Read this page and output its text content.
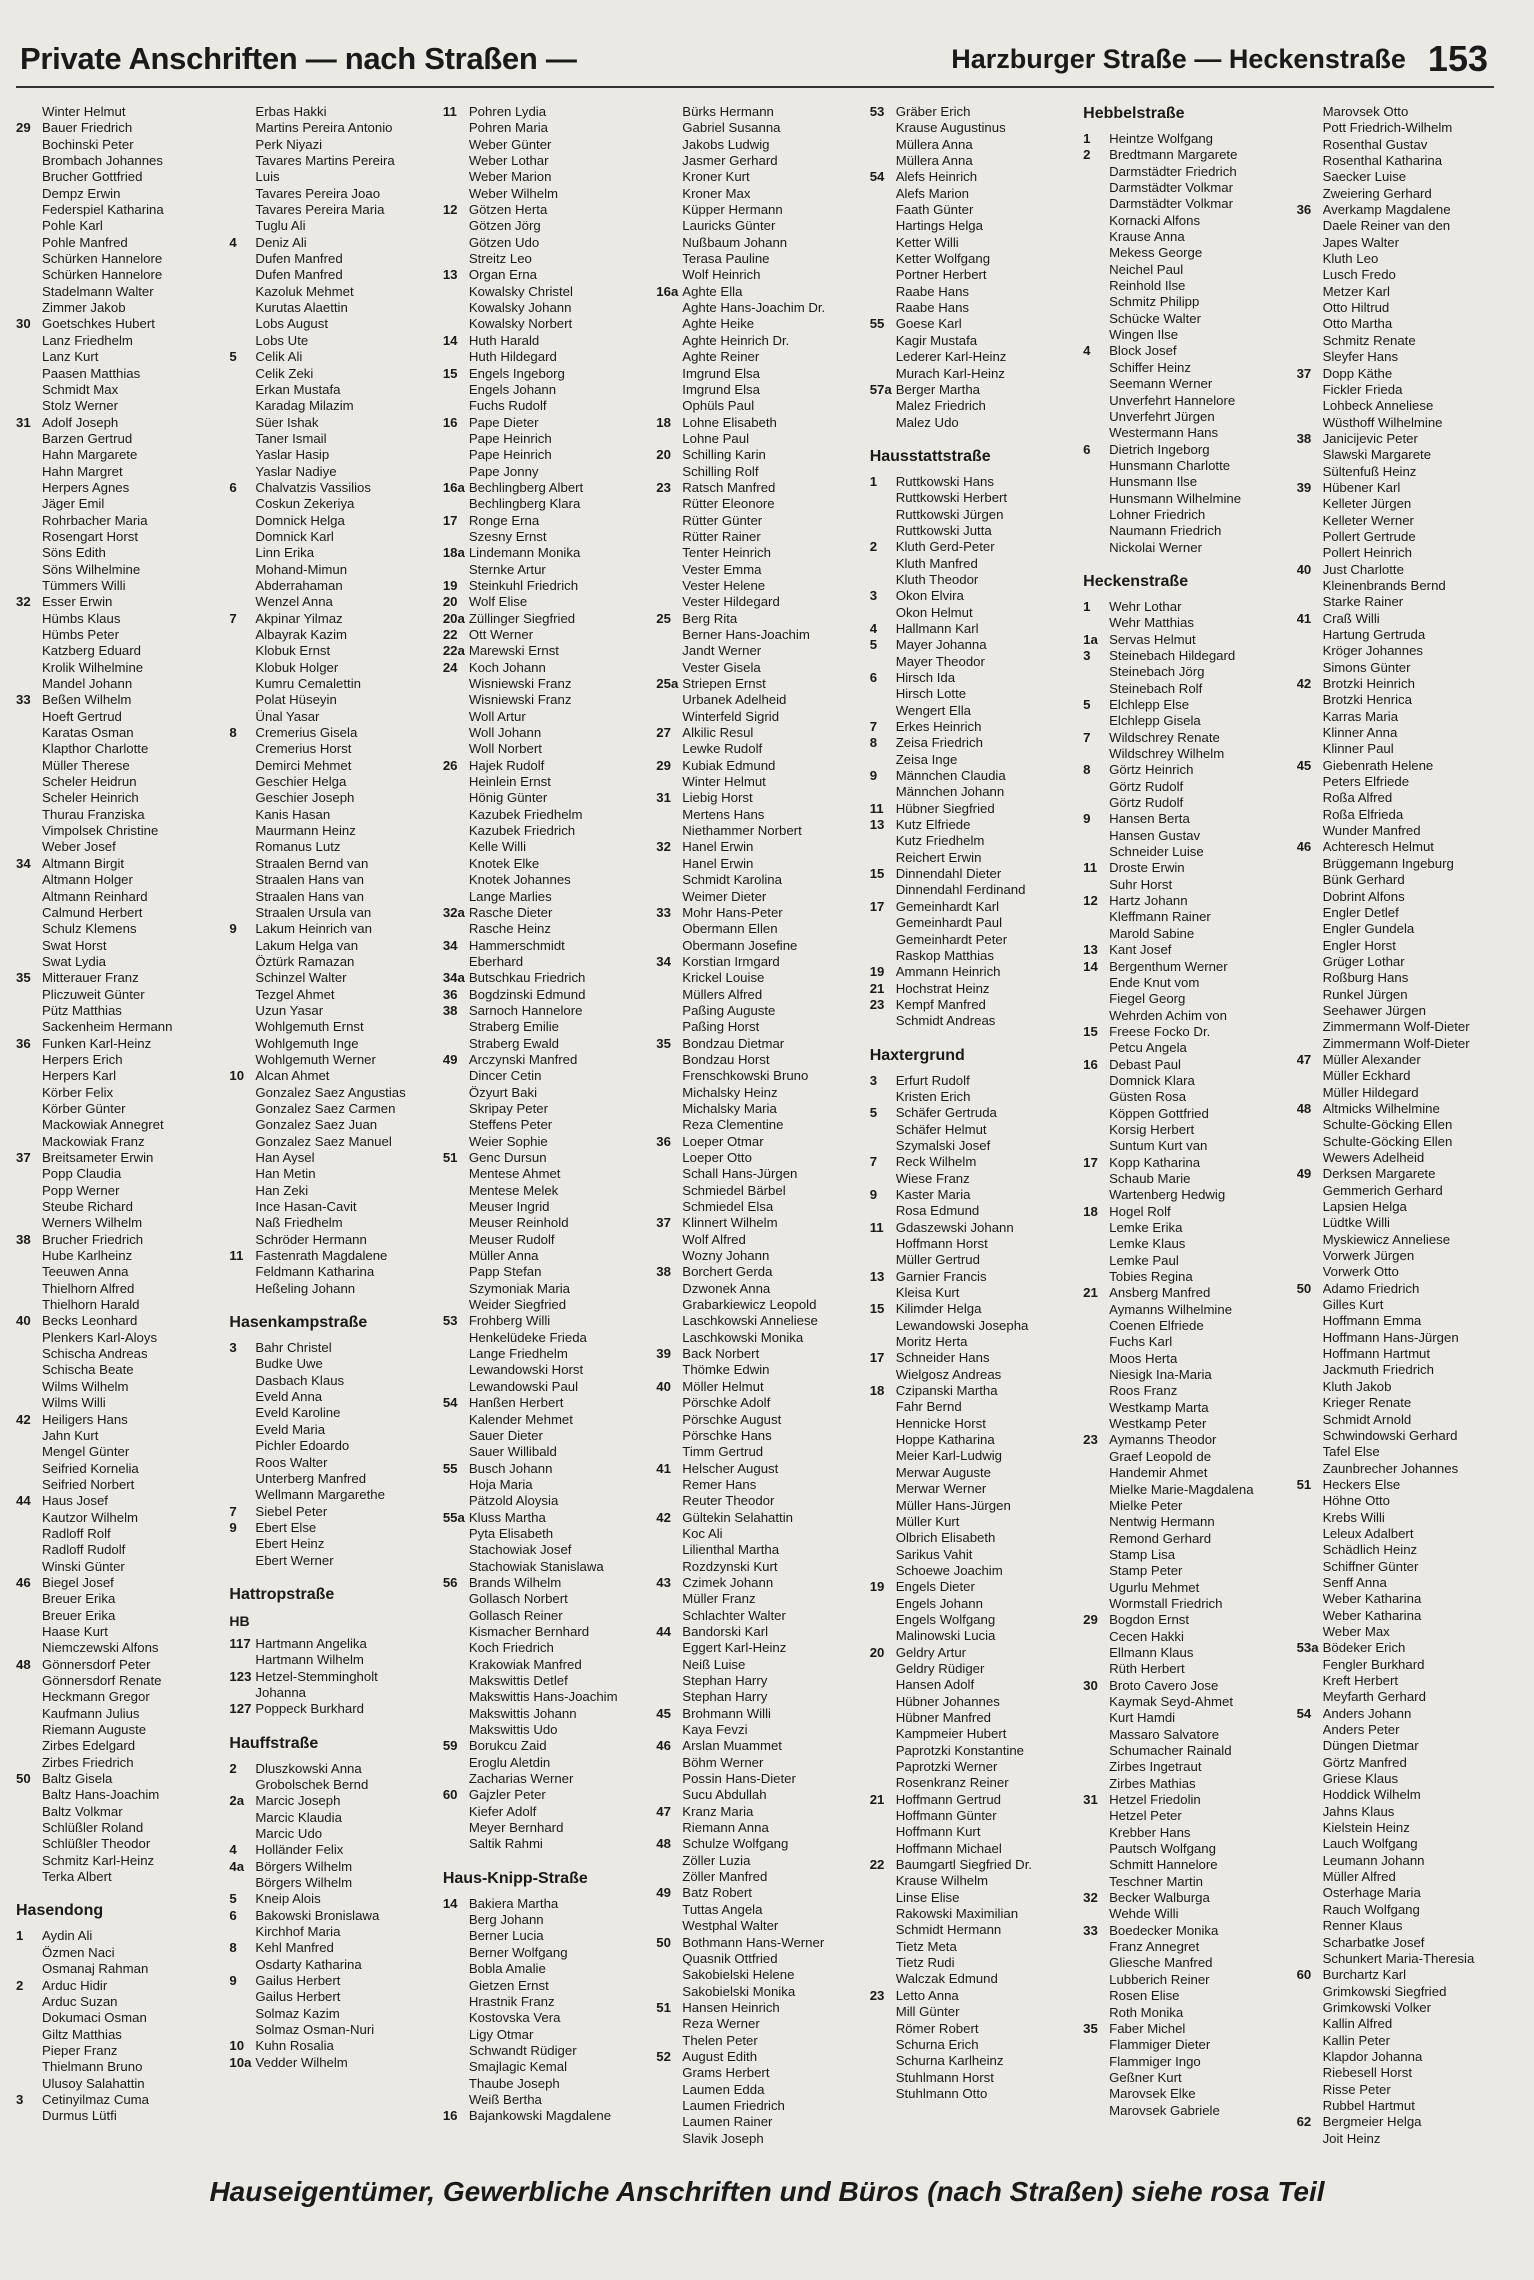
Private Anschriften — nach Straßen —	Harzburger Straße — Heckenstraße 153
Winter Helmut
29 Bauer Friedrich
Bochinski Peter
Brombach Johannes
Brucher Gottfried
Dempz Erwin
Federspiel Katharina
Pohle Karl
Pohle Manfred
Schürken Hannelore
Schürken Hannelore
Stadelmann Walter
Zimmer Jakob
30 Goetschkes Hubert
Lanz Friedhelm
Lanz Kurt
Paasen Matthias
Schmidt Max
Stolz Werner
31 Adolf Joseph
Barzen Gertrud
Hahn Margarete
Hahn Margret
Herpers Agnes
Jäger Emil
Rohrbacher Maria
Rosengart Horst
Söns Edith
Söns Wilhelmine
Tümmers Willi
32 Esser Erwin
Hümbs Klaus
Hümbs Peter
Katzberg Eduard
Krolik Wilhelmine
Mandel Johann
33 Beßen Wilhelm
Hoeft Gertrud
Karatas Osman
Klapthor Charlotte
Müller Therese
Scheler Heidrun
Scheler Heinrich
Thurau Franziska
Vimpolsek Christine
Weber Josef
34 Altmann Birgit
Altmann Holger
Altmann Reinhard
Calmund Herbert
Schulz Klemens
Swat Horst
Swat Lydia
35 Mitterauer Franz
Pliczuweit Günter
Pütz Matthias
Sackenheim Hermann
36 Funken Karl-Heinz
Herpers Erich
Herpers Karl
Körber Felix
Körber Günter
Mackowiak Annegret
Mackowiak Franz
37 Breitsameter Erwin
Popp Claudia
Popp Werner
Steube Richard
Werners Wilhelm
38 Brucher Friedrich
Hube Karlheinz
Teeuwen Anna
Thielhorn Alfred
Thielhorn Harald
40 Becks Leonhard
Plenkers Karl-Aloys
Schischa Andreas
Schischa Beate
Wilms Wilhelm
Wilms Willi
42 Heiligers Hans
Jahn Kurt
Mengel Günter
Seifried Kornelia
Seifried Norbert
44 Haus Josef
Kautzor Wilhelm
Radloff Rolf
Radloff Rudolf
Winski Günter
46 Biegel Josef
Breuer Erika
Breuer Erika
Haase Kurt
Niemczewski Alfons
48 Gönnersdorf Peter
Gönnersdorf Renate
Heckmann Gregor
Kaufmann Julius
Riemann Auguste
Zirbes Edelgard
Zirbes Friedrich
50 Baltz Gisela
Baltz Hans-Joachim
Baltz Volkmar
Schlüßler Roland
Schlüßler Theodor
Schmitz Karl-Heinz
Terka Albert
Hasendong
1	Aydin Ali
Özmen Naci
Osmanaj Rahman
2	Arduc Hidir
Arduc Suzan
Dokumaci Osman
Giltz Matthias
Pieper Franz
Thielmann Bruno
Ulusoy Salahattin
3	Cetinyilmaz Cuma
Durmus Lütfi
Erbas Hakki
Martins Pereira Antonio
Perk Niyazi
Tavares Martins Pereira
Luis
Tavares Pereira Joao
Tavares Pereira Maria
Tuglu Ali
4	Deniz Ali
Dufen Manfred
Dufen Manfred
Kazoluk Mehmet
Kurutas Alaettin
Lobs August
Lobs Ute
5	Celik Ali
Celik Zeki
Erkan Mustafa
Karadag Milazim
Süer Ishak
Taner Ismail
Yaslar Hasip
Yaslar Nadiye
6	Chalvatzis Vassilios
Coskun Zekeriya
Domnick Helga
Domnick Karl
Linn Erika
Mohand-Mimun
Abderrahaman
Wenzel Anna
7	Akpinar Yilmaz
Albayrak Kazim
Klobuk Ernst
Klobuk Holger
Kumru Cemalettin
Polat Hüseyin
Ünal Yasar
8	Cremerius Gisela
Cremerius Horst
Demirci Mehmet
Geschier Helga
Geschier Joseph
Kanis Hasan
Maurmann Heinz
Romanus Lutz
Straalen Bernd van
Straalen Hans van
Straalen Hans van
Straalen Ursula van
9	Lakum Heinrich van
Lakum Helga van
Öztürk Ramazan
Schinzel Walter
Tezgel Ahmet
Uzun Yasar
Wohlgemuth Ernst
Wohlgemuth Inge
Wohlgemuth Werner
10 Alcan Ahmet
Gonzalez Saez Angustias
Gonzalez Saez Carmen
Gonzalez Saez Juan
Gonzalez Saez Manuel
Han Aysel
Han Metin
Han Zeki
Ince Hasan-Cavit
Naß Friedhelm
Schröder Hermann
11 Fastenrath Magdalene
Feldmann Katharina
Heßeling Johann
Hasenkampstraße
3	Bahr Christel
Budke Uwe
Dasbach Klaus
Eveld Anna
Eveld Karoline
Eveld Maria
Pichler Edoardo
Roos Walter
Unterberg Manfred
Wellmann Margarethe
7	Siebel Peter
9	Ebert Else
Ebert Heinz
Ebert Werner
Hattropstraße
HB
117 Hartmann Angelika
Hartmann Wilhelm
123 Hetzel-Stemmingholt
Johanna
127 Poppeck Burkhard
Hauffstraße
2	Dluszkowski Anna
Grobolschek Bernd
2a Marcic Joseph
Marcic Klaudia
Marcic Udo
4	Holländer Felix
4a Börgers Wilhelm
Börgers Wilhelm
5	Kneip Alois
6	Bakowski Bronislawa
Kirchhof Maria
8	Kehl Manfred
Osdarty Katharina
9	Gailus Herbert
Gailus Herbert
Solmaz Kazim
Solmaz Osman-Nuri
10 Kuhn Rosalia
10a Vedder Wilhelm
11 Pohren Lydia
Pohren Maria
Weber Günter
Weber Lothar
Weber Marion
Weber Wilhelm
12 Götzen Herta
Götzen Jörg
Götzen Udo
Streitz Leo
13 Organ Erna
Kowalsky Christel
Kowalsky Johann
Kowalsky Norbert
14 Huth Harald
Huth Hildegard
15 Engels Ingeborg
Engels Johann
Fuchs Rudolf
16 Pape Dieter
Pape Heinrich
Pape Heinrich
Pape Jonny
16a Bechlingberg Albert
Bechlingberg Klara
17 Ronge Erna
Szesny Ernst
18a Lindemann Monika
Sternke Artur
19 Steinkuhl Friedrich
20 Wolf Elise
20a Züllinger Siegfried
22 Ott Werner
22a Marewski Ernst
24 Koch Johann
Wisniewski Franz
Wisniewski Franz
Woll Artur
Woll Johann
Woll Norbert
26 Hajek Rudolf
Heinlein Ernst
Hönig Günter
Kazubek Friedhelm
Kazubek Friedrich
Kelle Willi
Knotek Elke
Knotek Johannes
Lange Marlies
32a Rasche Dieter
Rasche Heinz
34 Hammerschmidt
Eberhard
34a Butschkau Friedrich
36 Bogdzinski Edmund
38 Sarnoch Hannelore
Straberg Emilie
Straberg Ewald
49 Arczynski Manfred
Dincer Cetin
Özyurt Baki
Skripay Peter
Steffens Peter
Weier Sophie
51 Genc Dursun
Mentese Ahmet
Mentese Melek
Meuser Ingrid
Meuser Reinhold
Meuser Rudolf
Müller Anna
Papp Stefan
Szymoniak Maria
Weider Siegfried
53 Frohberg Willi
Henkelüdeke Frieda
Lange Friedhelm
Lewandowski Horst
Lewandowski Paul
54 Hanßen Herbert
Kalender Mehmet
Sauer Dieter
Sauer Willibald
55 Busch Johann
Hoja Maria
Pätzold Aloysia
55a Kluss Martha
Pyta Elisabeth
Stachowiak Josef
Stachowiak Stanislawa
56 Brands Wilhelm
Gollasch Norbert
Gollasch Reiner
Kismacher Bernhard
Koch Friedrich
Krakowiak Manfred
Makswittis Detlef
Makswittis Hans-Joachim
Makswittis Johann
Makswittis Udo
59 Borukcu Zaid
Eroglu Aletdin
Zacharias Werner
60 Gajzler Peter
Kiefer Adolf
Meyer Bernhard
Saltik Rahmi
Haus-Knipp-Straße
14 Bakiera Martha
Berg Johann
Berner Lucia
Berner Wolfgang
Bobla Amalie
Gietzen Ernst
Hrastnik Franz
Kostovska Vera
Ligy Otmar
Schwandt Rüdiger
Smajlagic Kemal
Thaube Joseph
Weiß Bertha
16 Bajankowski Magdalene
Bürks Hermann
Gabriel Susanna
Jakobs Ludwig
Jasmer Gerhard
Kroner Kurt
Kroner Max
Küpper Hermann
Lauricks Günter
Nußbaum Johann
Terasa Pauline
Wolf Heinrich
16a Aghte Ella
Aghte Hans-Joachim Dr.
Aghte Heike
Aghte Heinrich Dr.
Aghte Reiner
Imgrund Elsa
Imgrund Elsa
Ophüls Paul
18 Lohne Elisabeth
Lohne Paul
20 Schilling Karin
Schilling Rolf
23 Ratsch Manfred
Rütter Eleonore
Rütter Günter
Rütter Rainer
Tenter Heinrich
Vester Emma
Vester Helene
Vester Hildegard
25 Berg Rita
Berner Hans-Joachim
Jandt Werner
Vester Gisela
25a Striepen Ernst
Urbanek Adelheid
Winterfeld Sigrid
27 Alkilic Resul
Lewke Rudolf
29 Kubiak Edmund
Winter Helmut
31 Liebig Horst
Mertens Hans
Niethammer Norbert
32 Hanel Erwin
Hanel Erwin
Schmidt Karolina
Weimer Dieter
33 Mohr Hans-Peter
Obermann Ellen
Obermann Josefine
34 Korstian Irmgard
Krickel Louise
Müllers Alfred
Paßing Auguste
Paßing Horst
35 Bondzau Dietmar
Bondzau Horst
Frenschkowski Bruno
Michalsky Heinz
Michalsky Maria
Reza Clementine
36 Loeper Otmar
Loeper Otto
Schall Hans-Jürgen
Schmiedel Bärbel
Schmiedel Elsa
37 Klinnert Wilhelm
Wolf Alfred
Wozny Johann
38 Borchert Gerda
Dzwonek Anna
Grabarkiewicz Leopold
Laschkowski Anneliese
Laschkowski Monika
39 Back Norbert
Thömke Edwin
40 Möller Helmut
Pörschke Adolf
Pörschke August
Pörschke Hans
Timm Gertrud
41 Helscher August
Remer Hans
Reuter Theodor
42 Gültekin Selahattin
Koc Ali
Lilienthal Martha
Rozdzynski Kurt
43 Czimek Johann
Müller Franz
Schlachter Walter
44 Bandorski Karl
Eggert Karl-Heinz
Neiß Luise
Stephan Harry
Stephan Harry
45 Brohmann Willi
Kaya Fevzi
46 Arslan Muammet
Böhm Werner
Possin Hans-Dieter
Sucu Abdullah
47 Kranz Maria
Riemann Anna
48 Schulze Wolfgang
Zöller Luzia
Zöller Manfred
49 Batz Robert
Tuttas Angela
Westphal Walter
50 Bothmann Hans-Werner
Quasnik Ottfried
Sakobielski Helene
Sakobielski Monika
51 Hansen Heinrich
Reza Werner
Thelen Peter
52 August Edith
Grams Herbert
Laumen Edda
Laumen Friedrich
Laumen Rainer
Slavik Joseph
53 Gräber Erich
Krause Augustinus
Müllera Anna
Müllera Anna
54 Alefs Heinrich
Alefs Marion
Faath Günter
Hartings Helga
Ketter Willi
Ketter Wolfgang
Portner Herbert
Raabe Hans
Raabe Hans
55 Goese Karl
Kagir Mustafa
Lederer Karl-Heinz
Murach Karl-Heinz
57a Berger Martha
Malez Friedrich
Malez Udo
Hausstattstraße
1	Ruttkowski Hans
Ruttkowski Herbert
Ruttkowski Jürgen
Ruttkowski Jutta
2	Kluth Gerd-Peter
Kluth Manfred
Kluth Theodor
3	Okon Elvira
Okon Helmut
4	Hallmann Karl
5	Mayer Johanna
Mayer Theodor
6	Hirsch Ida
Hirsch Lotte
Wengert Ella
7	Erkes Heinrich
8	Zeisa Friedrich
Zeisa Inge
9	Männchen Claudia
Männchen Johann
11 Hübner Siegfried
13 Kutz Elfriede
Kutz Friedhelm
Reichert Erwin
15 Dinnendahl Dieter
Dinnendahl Ferdinand
17 Gemeinhardt Karl
Gemeinhardt Paul
Gemeinhardt Peter
Raskop Matthias
19 Ammann Heinrich
21 Hochstrat Heinz
23 Kempf Manfred
Schmidt Andreas
Haxtergrund
3	Erfurt Rudolf
Kristen Erich
5	Schäfer Gertruda
Schäfer Helmut
Szymalski Josef
7	Reck Wilhelm
Wiese Franz
9	Kaster Maria
Rosa Edmund
11 Gdaszewski Johann
Hoffmann Horst
Müller Gertrud
13 Garnier Francis
Kleisa Kurt
15 Kilimder Helga
Lewandowski Josepha
Moritz Herta
17 Schneider Hans
Wielgosz Andreas
18 Czipanski Martha
Fahr Bernd
Hennicke Horst
Hoppe Katharina
Meier Karl-Ludwig
Merwar Auguste
Merwar Werner
Müller Hans-Jürgen
Müller Kurt
Olbrich Elisabeth
Sarikus Vahit
Schoewe Joachim
19 Engels Dieter
Engels Johann
Engels Wolfgang
Malinowski Lucia
20 Geldry Artur
Geldry Rüdiger
Hansen Adolf
Hübner Johannes
Hübner Manfred
Kampmeier Hubert
Paprotzki Konstantine
Paprotzki Werner
Rosenkranz Reiner
21 Hoffmann Gertrud
Hoffmann Günter
Hoffmann Kurt
Hoffmann Michael
22 Baumgartl Siegfried Dr.
Krause Wilhelm
Linse Elise
Rakowski Maximilian
Schmidt Hermann
Tietz Meta
Tietz Rudi
Walczak Edmund
23 Letto Anna
Mill Günter
Römer Robert
Schurna Erich
Schurna Karlheinz
Stuhlmann Horst
Stuhlmann Otto
Hebbelstraße
1	Heintze Wolfgang
2	Bredtmann Margarete
Darmstädter Friedrich
Darmstädter Volkmar
Darmstädter Volkmar
Kornacki Alfons
Krause Anna
Mekess George
Neichel Paul
Reinhold Ilse
Schmitz Philipp
Schücke Walter
Wingen Ilse
4	Block Josef
Schiffer Heinz
Seemann Werner
Unverfehrt Hannelore
Unverfehrt Jürgen
Westermann Hans
6	Dietrich Ingeborg
Hunsmann Charlotte
Hunsmann Ilse
Hunsmann Wilhelmine
Lohner Friedrich
Naumann Friedrich
Nickolai Werner
Heckenstraße
1	Wehr Lothar
Wehr Matthias
1a Servas Helmut
3	Steinebach Hildegard
Steinebach Jörg
Steinebach Rolf
5	Elchlepp Else
Elchlepp Gisela
7	Wildschrey Renate
Wildschrey Wilhelm
8	Görtz Heinrich
Görtz Rudolf
Görtz Rudolf
9	Hansen Berta
Hansen Gustav
Schneider Luise
11 Droste Erwin
Suhr Horst
12 Hartz Johann
Kleffmann Rainer
Marold Sabine
13 Kant Josef
14 Bergenthum Werner
Ende Knut vom
Fiegel Georg
Wehrden Achim von
15 Freese Focko Dr.
Petcu Angela
16 Debast Paul
Domnick Klara
Güsten Rosa
Köppen Gottfried
Korsig Herbert
Suntum Kurt van
17 Kopp Katharina
Schaub Marie
Wartenberg Hedwig
18 Hogel Rolf
Lemke Erika
Lemke Klaus
Lemke Paul
Tobies Regina
21 Ansberg Manfred
Aymanns Wilhelmine
Coenen Elfriede
Fuchs Karl
Moos Herta
Niesigk Ina-Maria
Roos Franz
Westkamp Marta
Westkamp Peter
23 Aymanns Theodor
Graef Leopold de
Handemir Ahmet
Mielke Marie-Magdalena
Mielke Peter
Nentwig Hermann
Remond Gerhard
Stamp Lisa
Stamp Peter
Ugurlu Mehmet
Wormstall Friedrich
29 Bogdon Ernst
Cecen Hakki
Ellmann Klaus
Rüth Herbert
30 Broto Cavero Jose
Kaymak Seyd-Ahmet
Kurt Hamdi
Massaro Salvatore
Schumacher Rainald
Zirbes Ingetraut
Zirbes Mathias
31 Hetzel Friedolin
Hetzel Peter
Krebber Hans
Pautsch Wolfgang
Schmitt Hannelore
Teschner Martin
32 Becker Walburga
Wehde Willi
33 Boedecker Monika
Franz Annegret
Gliesche Manfred
Lubberich Reiner
Rosen Elise
Roth Monika
35 Faber Michel
Flammiger Dieter
Flammiger Ingo
Geßner Kurt
Marovsek Elke
Marovsek Gabriele
Marovsek Otto
Pott Friedrich-Wilhelm
Rosenthal Gustav
Rosenthal Katharina
Saecker Luise
Zweiering Gerhard
36 Averkamp Magdalene
Daele Reiner van den
Japes Walter
Kluth Leo
Lusch Fredo
Metzer Karl
Otto Hiltrud
Otto Martha
Schmitz Renate
Sleyfer Hans
37 Dopp Käthe
Fickler Frieda
Lohbeck Anneliese
Wüsthoff Wilhelmine
38 Janicijevic Peter
Slawski Margarete
Sültenfuß Heinz
39 Hübener Karl
Kelleter Jürgen
Kelleter Werner
Pollert Gertrude
Pollert Heinrich
40 Just Charlotte
Kleinenbrands Bernd
Starke Rainer
41 Craß Willi
Hartung Gertruda
Kröger Johannes
Simons Günter
42 Brotzki Heinrich
Brotzki Henrica
Karras Maria
Klinner Anna
Klinner Paul
45 Giebenrath Helene
Peters Elfriede
Roßa Alfred
Roßa Elfrieda
Wunder Manfred
46 Achteresch Helmut
Brüggemann Ingeburg
Bünk Gerhard
Dobrint Alfons
Engler Detlef
Engler Gundela
Engler Horst
Grüger Lothar
Roßburg Hans
Runkel Jürgen
Seehawer Jürgen
Zimmermann Wolf-Dieter
Zimmermann Wolf-Dieter
47 Müller Alexander
Müller Eckhard
Müller Hildegard
48 Altmicks Wilhelmine
Schulte-Göcking Ellen
Schulte-Göcking Ellen
Wewers Adelheid
49 Derksen Margarete
Gemmerich Gerhard
Lapsien Helga
Lüdtke Willi
Myskiewicz Anneliese
Vorwerk Jürgen
Vorwerk Otto
50 Adamo Friedrich
Gilles Kurt
Hoffmann Emma
Hoffmann Hans-Jürgen
Hoffmann Hartmut
Jackmuth Friedrich
Kluth Jakob
Krieger Renate
Schmidt Arnold
Schwindowski Gerhard
Tafel Else
Zaunbrecher Johannes
51 Heckers Else
Höhne Otto
Krebs Willi
Leleux Adalbert
Schädlich Heinz
Schiffner Günter
Senff Anna
Weber Katharina
Weber Katharina
Weber Max
53a Bödeker Erich
Fengler Burkhard
Kreft Herbert
Meyfarth Gerhard
54 Anders Johann
Anders Peter
Düngen Dietmar
Görtz Manfred
Griese Klaus
Hoddick Wilhelm
Jahns Klaus
Kielstein Heinz
Lauch Wolfgang
Leumann Johann
Müller Alfred
Osterhage Maria
Rauch Wolfgang
Renner Klaus
Scharbatke Josef
Schunkert Maria-Theresia
60 Burchartz Karl
Grimkowski Siegfried
Grimkowski Volker
Kallin Alfred
Kallin Peter
Klapdor Johanna
Riebesell Horst
Risse Peter
Rubbel Hartmut
62 Bergmeier Helga
Joit Heinz
Hauseigentümer, Gewerbliche Anschriften und Büros (nach Straßen) siehe rosa Teil
